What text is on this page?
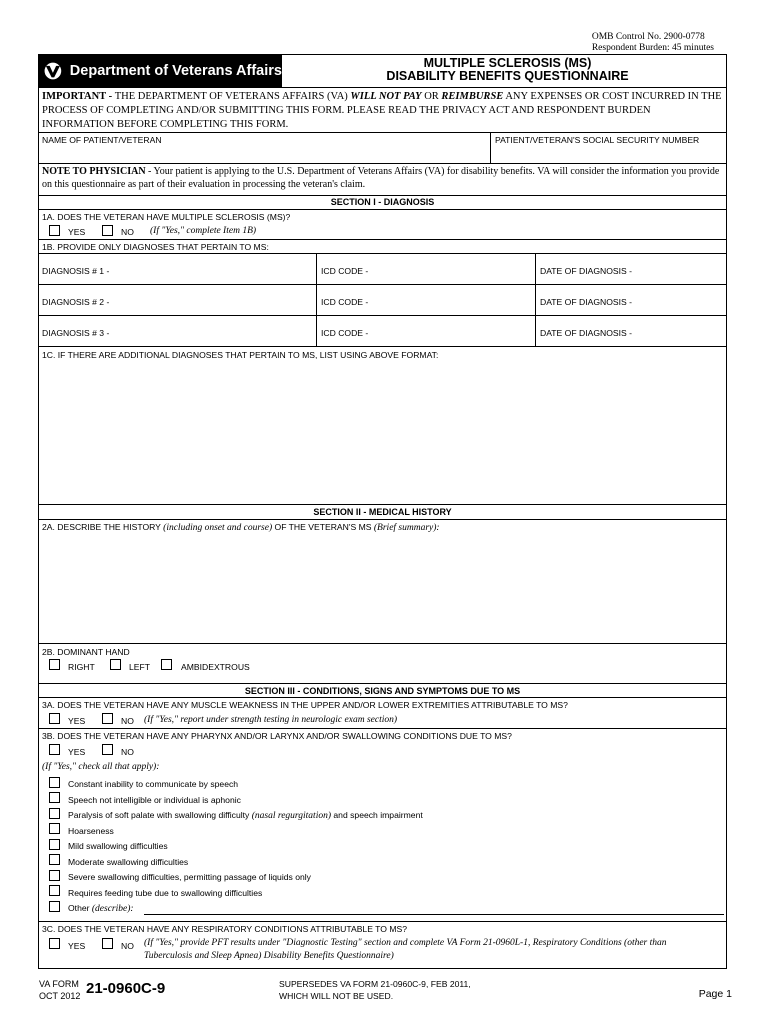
OMB Control No. 2900-0778
Respondent Burden: 45 minutes
Department of Veterans Affairs	MULTIPLE SCLEROSIS (MS)
DISABILITY BENEFITS QUESTIONNAIRE
IMPORTANT - THE DEPARTMENT OF VETERANS AFFAIRS (VA) WILL NOT PAY OR REIMBURSE ANY EXPENSES OR COST INCURRED IN THE PROCESS OF COMPLETING AND/OR SUBMITTING THIS FORM. PLEASE READ THE PRIVACY ACT AND RESPONDENT BURDEN INFORMATION BEFORE COMPLETING THIS FORM.
NAME OF PATIENT/VETERAN	PATIENT/VETERAN'S SOCIAL SECURITY NUMBER
NOTE TO PHYSICIAN - Your patient is applying to the U.S. Department of Veterans Affairs (VA) for disability benefits. VA will consider the information you provide on this questionnaire as part of their evaluation in processing the veteran's claim.
SECTION I - DIAGNOSIS
1A. DOES THE VETERAN HAVE MULTIPLE SCLEROSIS (MS)?
YES	NO (If "Yes," complete Item 1B)
1B. PROVIDE ONLY DIAGNOSES THAT PERTAIN TO MS:
DIAGNOSIS # 1 -	ICD CODE -	DATE OF DIAGNOSIS -
DIAGNOSIS # 2 -	ICD CODE -	DATE OF DIAGNOSIS -
DIAGNOSIS # 3 -	ICD CODE -	DATE OF DIAGNOSIS -
1C. IF THERE ARE ADDITIONAL DIAGNOSES THAT PERTAIN TO MS, LIST USING ABOVE FORMAT:
SECTION II - MEDICAL HISTORY
2A. DESCRIBE THE HISTORY (including onset and course) OF THE VETERAN'S MS (Brief summary):
2B. DOMINANT HAND
RIGHT	LEFT	AMBIDEXTROUS
SECTION III - CONDITIONS, SIGNS AND SYMPTOMS DUE TO MS
3A. DOES THE VETERAN HAVE ANY MUSCLE WEAKNESS IN THE UPPER AND/OR LOWER EXTREMITIES ATTRIBUTABLE TO MS?
YES	NO (If "Yes," report under strength testing in neurologic exam section)
3B. DOES THE VETERAN HAVE ANY PHARYNX AND/OR LARYNX AND/OR SWALLOWING CONDITIONS DUE TO MS?
YES	NO
(If "Yes," check all that apply):
Constant inability to communicate by speech
Speech not intelligible or individual is aphonic
Paralysis of soft palate with swallowing difficulty (nasal regurgitation) and speech impairment
Hoarseness
Mild swallowing difficulties
Moderate swallowing difficulties
Severe swallowing difficulties, permitting passage of liquids only
Requires feeding tube due to swallowing difficulties
Other (describe):
3C. DOES THE VETERAN HAVE ANY RESPIRATORY CONDITIONS ATTRIBUTABLE TO MS?
YES	NO (If "Yes," provide PFT results under "Diagnostic Testing" section and complete VA Form 21-0960L-1, Respiratory Conditions (other than
Tuberculosis and Sleep Apnea) Disability Benefits Questionnaire)
VA FORM
OCT 2012 21-0960C-9	SUPERSEDES VA FORM 21-0960C-9, FEB 2011,
WHICH WILL NOT BE USED.	Page 1
